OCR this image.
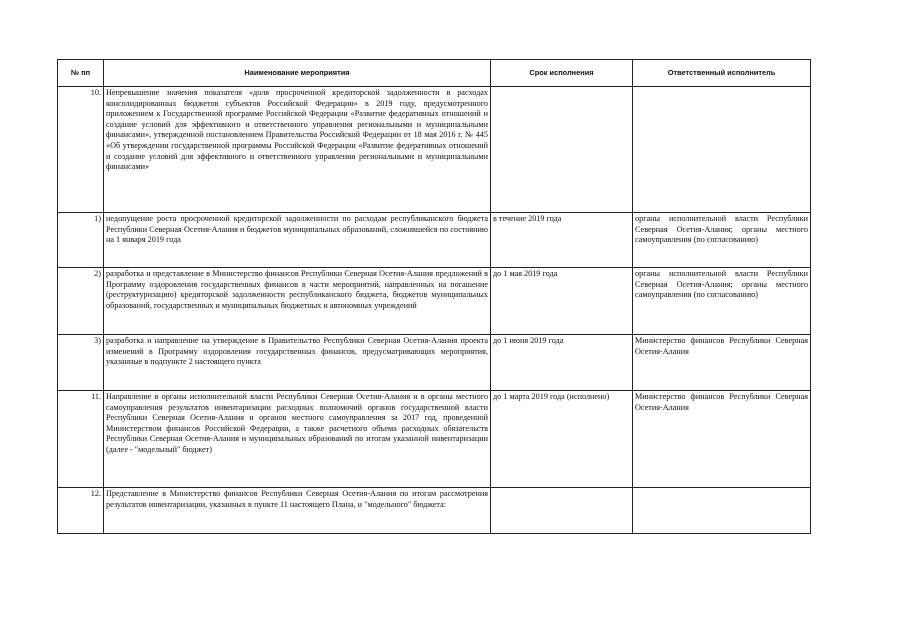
№ пп	Наименование мероприятия	Срок исполнения	Ответственный исполнитель
10.	Непревышение значения показателя «доля просроченной кредиторской задолженности в расходах консолидированных бюджетов субъектов Российской Федерации» в 2019 году, предусмотренного приложением к Государственной программе Российской Федерации «Развитие федеративных отношений и создание условий для эффективного и ответственного управления региональными и муниципальными финансами», утвержденной постановлением Правительства Российской Федерации от 18 мая 2016 г. № 445 «Об утверждении государственной программы Российской Федерации «Развитие федеративных отношений и создание условий для эффективного и ответственного управления региональными и муниципальными финансами»		
1)	недопущение роста просроченной кредиторской задолженности по расходам республиканского бюджета Республики Северная Осетия-Алания и бюджетов муниципальных образований, сложившейся по состоянию на 1 января 2019 года	в течение 2019 года	органы исполнительной власти Республики Северная Осетия-Алания; органы местного самоуправления (по согласованию)
2)	разработка и представление в Министерство финансов Республики Северная Осетия-Алания предложений в Программу оздоровления государственных финансов в части мероприятий, направленных на погашение (реструктуризацию) кредиторской задолженности республиканского бюджета, бюджетов муниципальных образований, государственных и муниципальных бюджетных и автономных учреждений	до 1 мая 2019 года	органы исполнительной власти Республики Северная Осетия-Алания; органы местного самоуправления (по согласованию)
3)	разработка и направление на утверждение в Правительство Республики Северная Осетия-Алания проекта изменений в Программу оздоровления государственных финансов, предусматривающих мероприятия, указанные в подпункте 2 настоящего пункта	до 1 июня 2019 года	Министерство финансов Республики Северная Осетия-Алания
11.	Направление в органы исполнительной власти Республики Северная Осетия-Алания и в органы местного самоуправления результатов инвентаризации расходных полномочий органов государственной власти Республики Северная Осетия-Алания и органов местного самоуправления за 2017 год, проведенной Министерством финансов Российской Федерации, а также расчетного объема расходных обязательств Республики Северная Осетия-Алания и муниципальных образований по итогам указанной инвентаризации (далее - "модельный" бюджет)	до 1 марта 2019 года (исполнено)	Министерство финансов Республики Северная Осетия-Алания
12.	Представление в Министерство финансов Республики Северная Осетия-Алания по итогам рассмотрения результатов инвентаризации, указанных в пункте 11 настоящего Плана, и "модельного" бюджета:		
